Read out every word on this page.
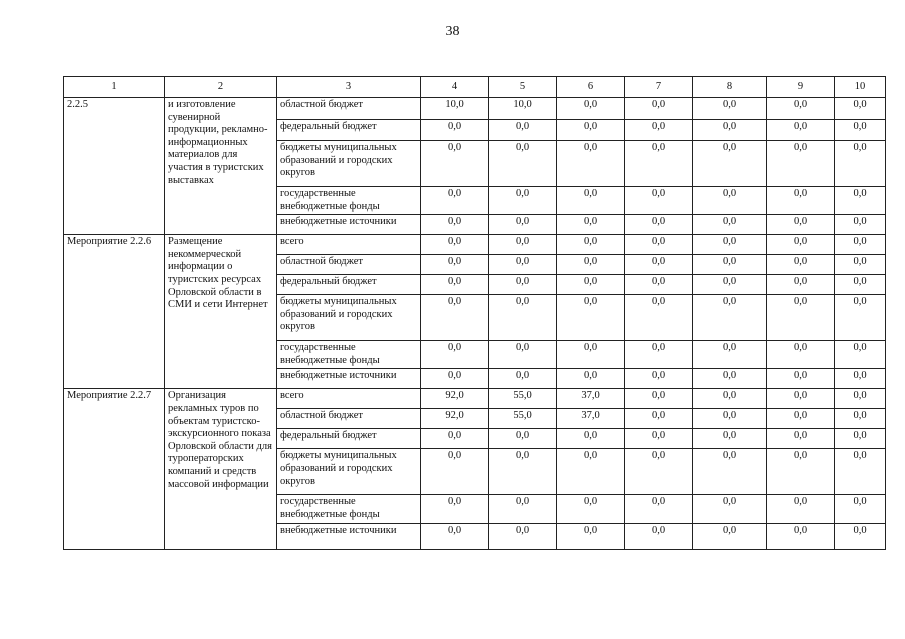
38
1	2	3	4	5	6	7	8	9	10
2.2.5	и изготовление сувенирной продукции, рекламно-информационных материалов для участия в туристских выставках	областной бюджет	10,0	10,0	0,0	0,0	0,0	0,0	0,0
		федеральный бюджет	0,0	0,0	0,0	0,0	0,0	0,0	0,0
		бюджеты муниципальных образований и городских округов	0,0	0,0	0,0	0,0	0,0	0,0	0,0
		государственные внебюджетные фонды	0,0	0,0	0,0	0,0	0,0	0,0	0,0
		внебюджетные источники	0,0	0,0	0,0	0,0	0,0	0,0	0,0
Мероприятие 2.2.6	Размещение некоммерческой информации о туристских ресурсах Орловской области в СМИ и сети Интернет	всего	0,0	0,0	0,0	0,0	0,0	0,0	0,0
		областной бюджет	0,0	0,0	0,0	0,0	0,0	0,0	0,0
		федеральный бюджет	0,0	0,0	0,0	0,0	0,0	0,0	0,0
		бюджеты муниципальных образований и городских округов	0,0	0,0	0,0	0,0	0,0	0,0	0,0
		государственные внебюджетные фонды	0,0	0,0	0,0	0,0	0,0	0,0	0,0
		внебюджетные источники	0,0	0,0	0,0	0,0	0,0	0,0	0,0
Мероприятие 2.2.7	Организация рекламных туров по объектам туристско-экскурсионного показа Орловской области для туроператорских компаний и средств массовой информации	всего	92,0	55,0	37,0	0,0	0,0	0,0	0,0
		областной бюджет	92,0	55,0	37,0	0,0	0,0	0,0	0,0
		федеральный бюджет	0,0	0,0	0,0	0,0	0,0	0,0	0,0
		бюджеты муниципальных образований и городских округов	0,0	0,0	0,0	0,0	0,0	0,0	0,0
		государственные внебюджетные фонды	0,0	0,0	0,0	0,0	0,0	0,0	0,0
		внебюджетные источники	0,0	0,0	0,0	0,0	0,0	0,0	0,0
